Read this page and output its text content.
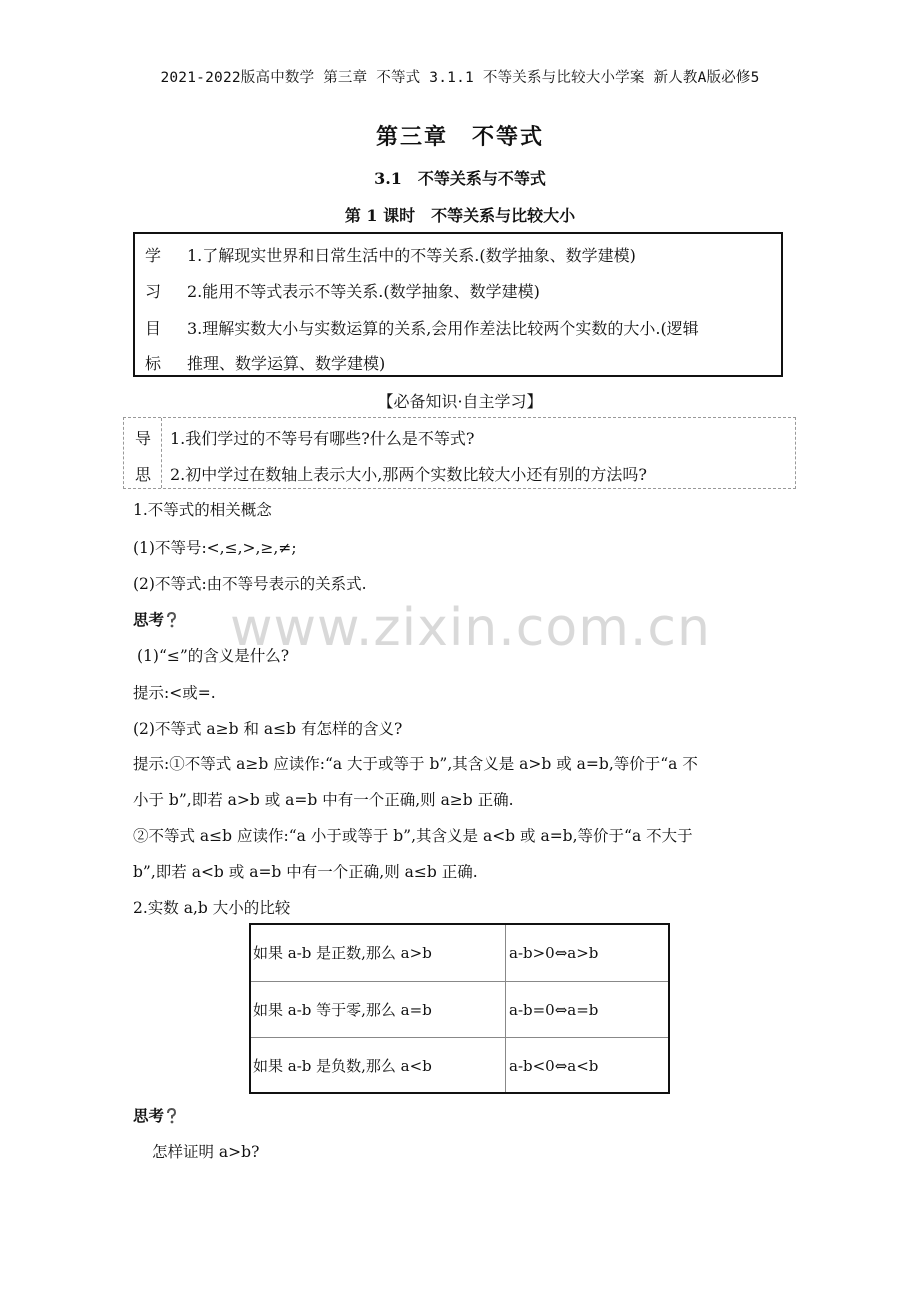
2021-2022版高中数学 第三章 不等式 3.1.1 不等关系与比较大小学案 新人教A版必修5
第三章　不等式
3.1　不等关系与不等式
第 1 课时　不等关系与比较大小
学
习
目
标
1.了解现实世界和日常生活中的不等关系.(数学抽象、数学建模)
2.能用不等式表示不等关系.(数学抽象、数学建模)
3.理解实数大小与实数运算的关系,会用作差法比较两个实数的大小.(逻辑
推理、数学运算、数学建模)
【必备知识·自主学习】
导
思
1.我们学过的不等号有哪些?什么是不等式?
2.初中学过在数轴上表示大小,那两个实数比较大小还有别的方法吗?
1.不等式的相关概念
(1)不等号:<,≤,>,≥,≠;
(2)不等式:由不等号表示的关系式.
思考
(1)“≤”的含义是什么?
提示:<或=.
(2)不等式 a≥b 和 a≤b 有怎样的含义?
提示:①不等式 a≥b 应读作:“a 大于或等于 b”,其含义是 a>b 或 a=b,等价于“a 不
小于 b”,即若 a>b 或 a=b 中有一个正确,则 a≥b 正确.
②不等式 a≤b 应读作:“a 小于或等于 b”,其含义是 a<b 或 a=b,等价于“a 不大于
b”,即若 a<b 或 a=b 中有一个正确,则 a≤b 正确.
2.实数 a,b 大小的比较
如果 a-b 是正数,那么 a>b	a-b>0⇔a>b
如果 a-b 等于零,那么 a=b	a-b=0⇔a=b
如果 a-b 是负数,那么 a<b	a-b<0⇔a<b
思考
怎样证明 a>b?
www.zixin.com.cn
